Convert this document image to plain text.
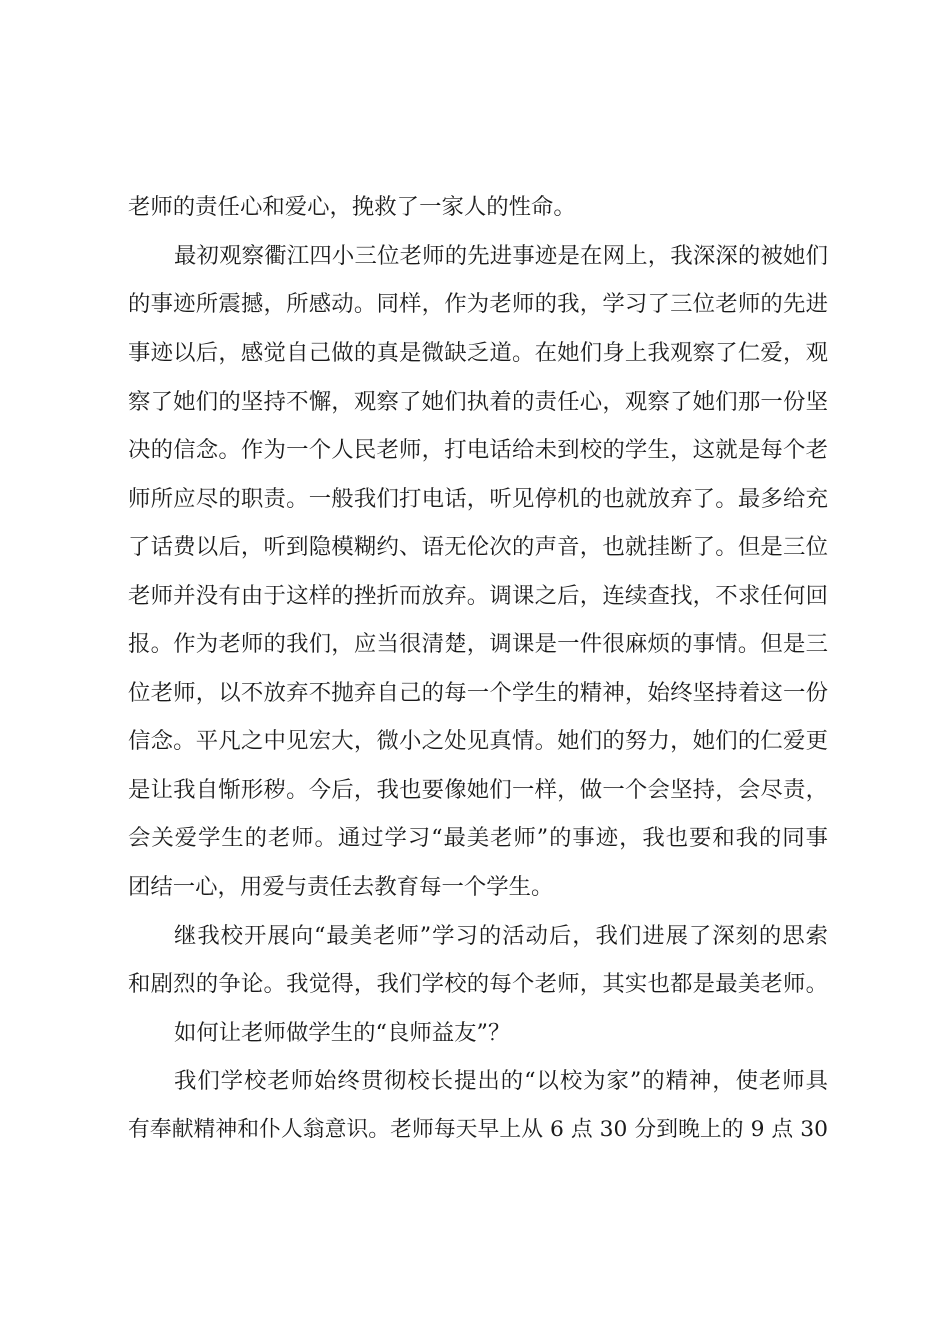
老师的责任心和爱心，挽救了一家人的性命。
最初观察衢江四小三位老师的先进事迹是在网上，我深深的被她们
的事迹所震撼，所感动。同样，作为老师的我，学习了三位老师的先进
事迹以后，感觉自己做的真是微缺乏道。在她们身上我观察了仁爱，观
察了她们的坚持不懈，观察了她们执着的责任心，观察了她们那一份坚
决的信念。作为一个人民老师，打电话给未到校的学生，这就是每个老
师所应尽的职责。一般我们打电话，听见停机的也就放弃了。最多给充
了话费以后，听到隐模糊约、语无伦次的声音，也就挂断了。但是三位
老师并没有由于这样的挫折而放弃。调课之后，连续查找，不求任何回
报。作为老师的我们，应当很清楚，调课是一件很麻烦的事情。但是三
位老师，以不放弃不抛弃自己的每一个学生的精神，始终坚持着这一份
信念。平凡之中见宏大，微小之处见真情。她们的努力，她们的仁爱更
是让我自惭形秽。今后，我也要像她们一样，做一个会坚持，会尽责，
会关爱学生的老师。通过学习“最美老师”的事迹，我也要和我的同事
团结一心，用爱与责任去教育每一个学生。
继我校开展向“最美老师”学习的活动后，我们进展了深刻的思索
和剧烈的争论。我觉得，我们学校的每个老师，其实也都是最美老师。
如何让老师做学生的“良师益友”？
我们学校老师始终贯彻校长提出的“以校为家”的精神，使老师具
有奉献精神和仆人翁意识。老师每天早上从 6 点 30 分到晚上的 9 点 30
